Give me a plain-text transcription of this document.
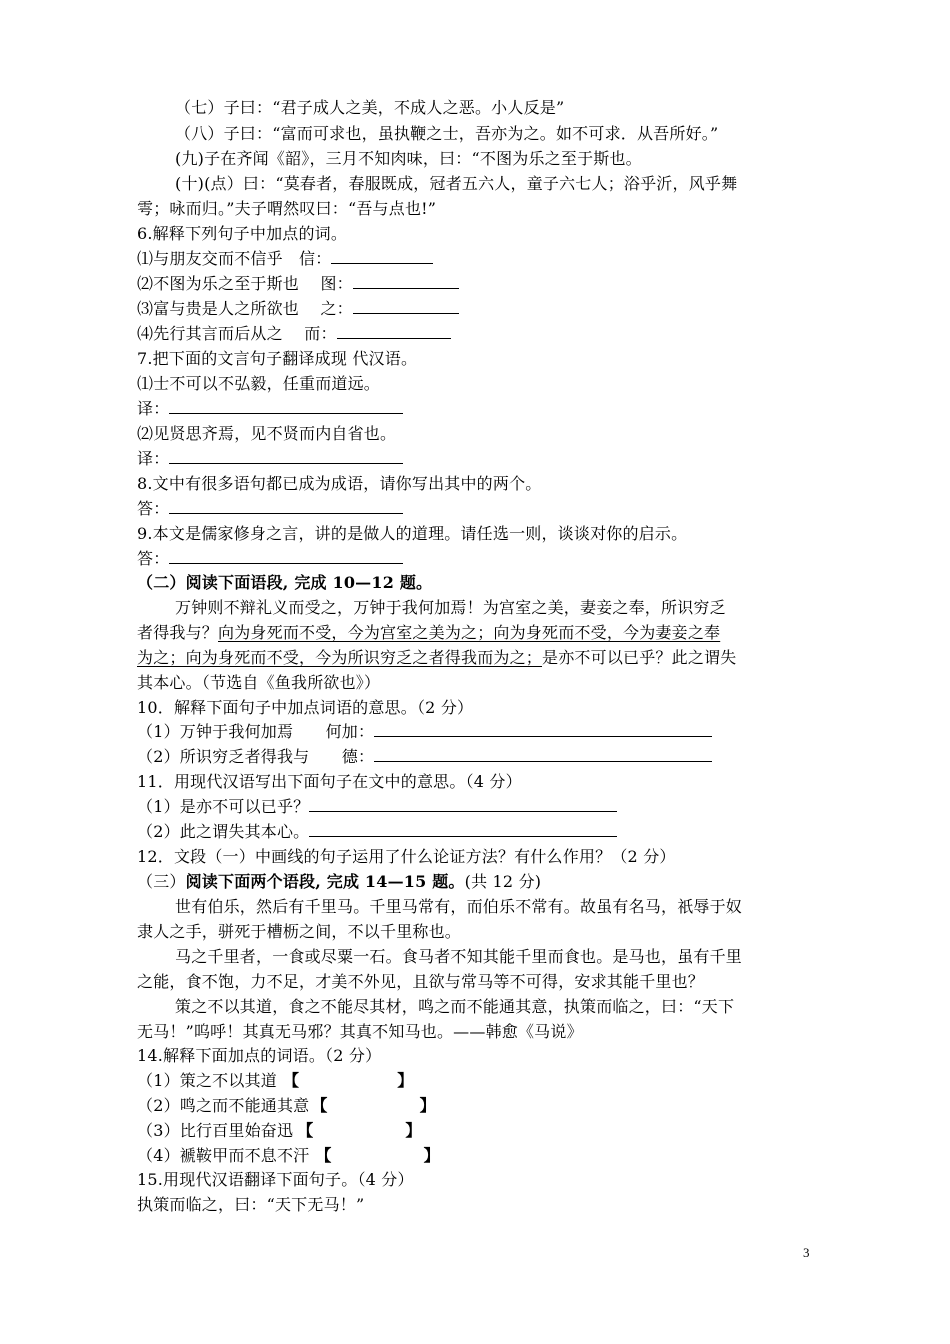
（七）子曰：“君子成人之美，不成人之恶。小人反是”
（八）子曰：“富而可求也，虽执鞭之士，吾亦为之。如不可求．从吾所好。”
(九)子在齐闻《韶》，三月不知肉味，曰：“不图为乐之至于斯也。
(十)(点）曰：“莫春者，春服既成，冠者五六人，童子六七人；浴乎沂，风乎舞
雩；咏而归。”夫子喟然叹曰：“吾与点也!”
6.解释下列句子中加点的词。
⑴与朋友交而不信乎　信：
⑵不图为乐之至于斯也　 图：
⑶富与贵是人之所欲也　 之：
⑷先行其言而后从之　 而：
7.把下面的文言句子翻译成现 代汉语。
⑴士不可以不弘毅，任重而道远。
译：
⑵见贤思齐焉，见不贤而内自省也。
译：
8.文中有很多语句都已成为成语，请你写出其中的两个。
答：
9.本文是儒家修身之言，讲的是做人的道理。请任选一则，谈谈对你的启示。
答：
（二）阅读下面语段, 完成 10—12 题。
万钟则不辩礼义而受之，万钟于我何加焉！为宫室之美，妻妾之奉，所识穷乏
者得我与？向为身死而不受，今为宫室之美为之；向为身死而不受，今为妻妾之奉
为之；向为身死而不受，今为所识穷乏之者得我而为之；是亦不可以已乎？此之谓失
其本心。（节选自《鱼我所欲也》）
10．解释下面句子中加点词语的意思。（2 分）
（1）万钟于我何加焉　　何加：
（2）所识穷乏者得我与　　德：
11．用现代汉语写出下面句子在文中的意思。（4 分）
（1）是亦不可以已乎？
（2）此之谓失其本心。
12．文段（一）中画线的句子运用了什么论证方法？有什么作用？（2 分）
（三）阅读下面两个语段, 完成 14—15 题。(共 12 分)
世有伯乐，然后有千里马。千里马常有，而伯乐不常有。故虽有名马，祇辱于奴
隶人之手，骈死于槽枥之间，不以千里称也。
马之千里者，一食或尽粟一石。食马者不知其能千里而食也。是马也，虽有千里
之能，食不饱，力不足，才美不外见，且欲与常马等不可得，安求其能千里也？
策之不以其道，食之不能尽其材，鸣之而不能通其意，执策而临之，曰：“天下
无马！”呜呼！其真无马邪？其真不知马也。——韩愈《马说》
14.解释下面加点的词语。（2 分）
（1）策之不以其道 【	】
（2）鸣之而不能通其意 【	】
（3）比行百里始奋迅 【	】
（4）褫鞍甲而不息不汗 【	】
15.用现代汉语翻译下面句子。（4 分）
执策而临之，曰：“天下无马！”
3
